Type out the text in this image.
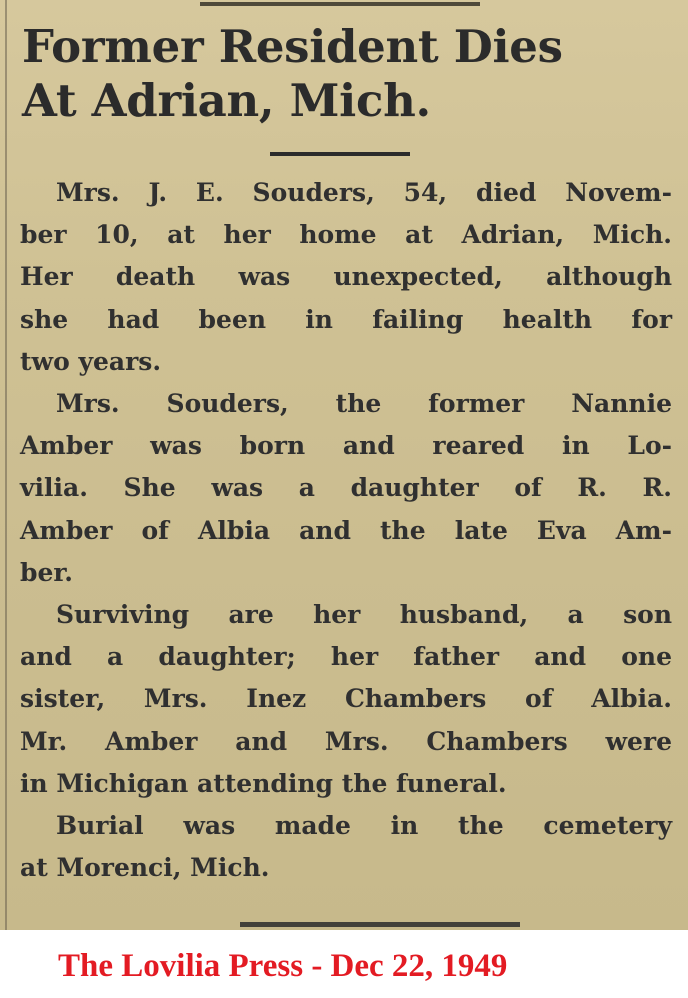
Former Resident Dies
At Adrian, Mich.
Mrs. J. E. Souders, 54, died Novem-
ber 10, at her home at Adrian, Mich.
Her death was unexpected, although
she had been in failing health for
two years.
Mrs. Souders, the former Nannie
Amber was born and reared in Lo-
vilia. She was a daughter of R. R.
Amber of Albia and the late Eva Am-
ber.
Surviving are her husband, a son
and a daughter; her father and one
sister, Mrs. Inez Chambers of Albia.
Mr. Amber and Mrs. Chambers were
in Michigan attending the funeral.
Burial was made in the cemetery
at Morenci, Mich.
The Lovilia Press - Dec 22, 1949
